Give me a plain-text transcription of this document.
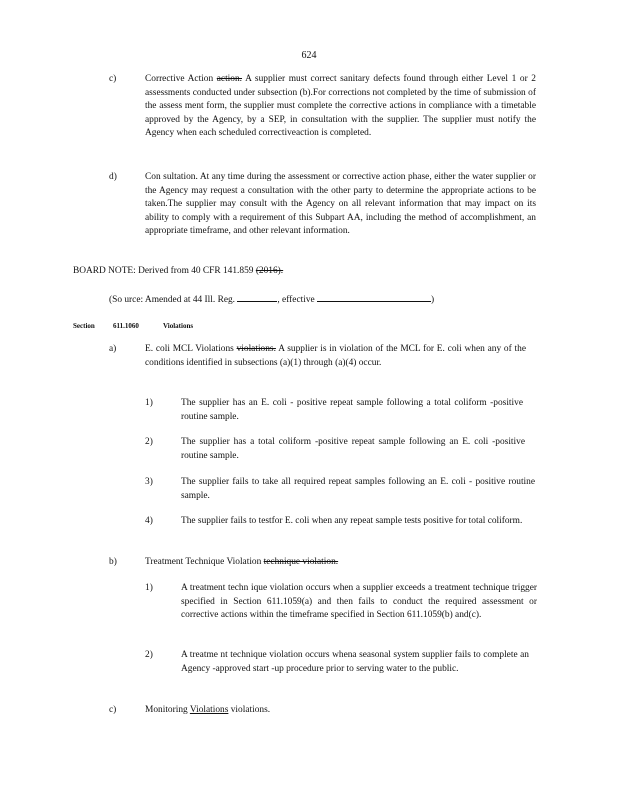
624
c)	Corrective Action action. A supplier must correct sanitary defects found through either Level 1 or 2 assessments conducted under subsection (b).For corrections not completed by the time of submission of the assess ment form, the supplier must complete the corrective actions in compliance with a timetable approved by the Agency, by a SEP, in consultation with the supplier. The supplier must notify the Agency when each scheduled correctiveaction is completed.
d)	Con sultation. At any time during the assessment or corrective action phase, either the water supplier or the Agency may request a consultation with the other party to determine the appropriate actions to be taken.The supplier may consult with the Agency on all relevant information that may impact on its ability to comply with a requirement of this Subpart AA, including the method of accomplishment, an appropriate timeframe, and other relevant information.
BOARD NOTE: Derived from 40 CFR 141.859 (2016).
(So urce: Amended at 44 Ill. Reg.	, effective	)
Section	611.1060	Violations
a)	E. coli MCL Violations violations. A supplier is in violation of the MCL for E. coli when any of the conditions identified in subsections (a)(1) through (a)(4) occur.
1)	The supplier has an E. coli - positive repeat sample following a total coliform -positive routine sample.
2)	The supplier has a total coliform -positive repeat sample following an E. coli -positive routine sample.
3)	The supplier fails to take all required repeat samples following an E. coli - positive routine sample.
4)	The supplier fails to testfor E. coli when any repeat sample tests positive for total coliform.
b)	Treatment Technique Violation technique violation.
1)	A treatment techn ique violation occurs when a supplier exceeds a treatment technique trigger specified in Section 611.1059(a) and then fails to conduct the required assessment or corrective actions within the timeframe specified in Section 611.1059(b) and(c).
2)	A treatme nt technique violation occurs whena seasonal system supplier fails to complete an Agency -approved start -up procedure prior to serving water to the public.
c)	Monitoring Violations violations.
